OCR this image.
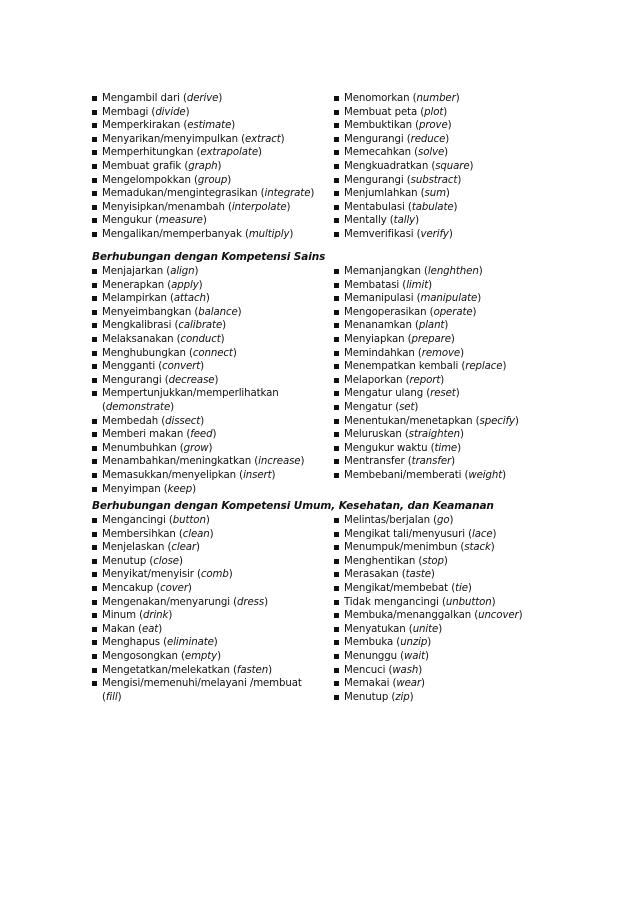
Mengambil dari (derive)
Membagi (divide)
Memperkirakan (estimate)
Menyarikan/menyimpulkan (extract)
Memperhitungkan (extrapolate)
Membuat grafik (graph)
Mengelompokkan (group)
Memadukan/mengintegrasikan (integrate)
Menyisipkan/menambah (interpolate)
Mengukur (measure)
Mengalikan/memperbanyak (multiply)
Menomorkan (number)
Membuat peta (plot)
Membuktikan (prove)
Mengurangi (reduce)
Memecahkan (solve)
Mengkuadratkan (square)
Mengurangi (substract)
Menjumlahkan (sum)
Mentabulasi (tabulate)
Mentally (tally)
Memverifikasi (verify)
Berhubungan dengan Kompetensi Sains
Menjajarkan (align)
Menerapkan (apply)
Melampirkan (attach)
Menyeimbangkan (balance)
Mengkalibrasi (calibrate)
Melaksanakan (conduct)
Menghubungkan (connect)
Mengganti (convert)
Mengurangi (decrease)
Mempertunjukkan/memperlihatkan
(demonstrate)
Membedah (dissect)
Memberi makan (feed)
Menumbuhkan (grow)
Menambahkan/meningkatkan (increase)
Memasukkan/menyelipkan (insert)
Menyimpan (keep)
Memanjangkan (lenghthen)
Membatasi (limit)
Memanipulasi (manipulate)
Mengoperasikan (operate)
Menanamkan (plant)
Menyiapkan (prepare)
Memindahkan (remove)
Menempatkan kembali (replace)
Melaporkan (report)
Mengatur ulang (reset)
Mengatur (set)
Menentukan/menetapkan (specify)
Meluruskan (straighten)
Mengukur waktu (time)
Mentransfer (transfer)
Membebani/memberati (weight)
Berhubungan dengan Kompetensi Umum, Kesehatan, dan Keamanan
Mengancingi (button)
Membersihkan (clean)
Menjelaskan (clear)
Menutup (close)
Menyikat/menyisir (comb)
Mencakup (cover)
Mengenakan/menyarungi (dress)
Minum (drink)
Makan (eat)
Menghapus (eliminate)
Mengosongkan (empty)
Mengetatkan/melekatkan (fasten)
Mengisi/memenuhi/melayani /membuat
(fill)
Melintas/berjalan (go)
Mengikat tali/menyusuri (lace)
Menumpuk/menimbun (stack)
Menghentikan (stop)
Merasakan (taste)
Mengikat/membebat (tie)
Tidak mengancingi (unbutton)
Membuka/menanggalkan (uncover)
Menyatukan (unite)
Membuka (unzip)
Menunggu (wait)
Mencuci (wash)
Memakai (wear)
Menutup (zip)
